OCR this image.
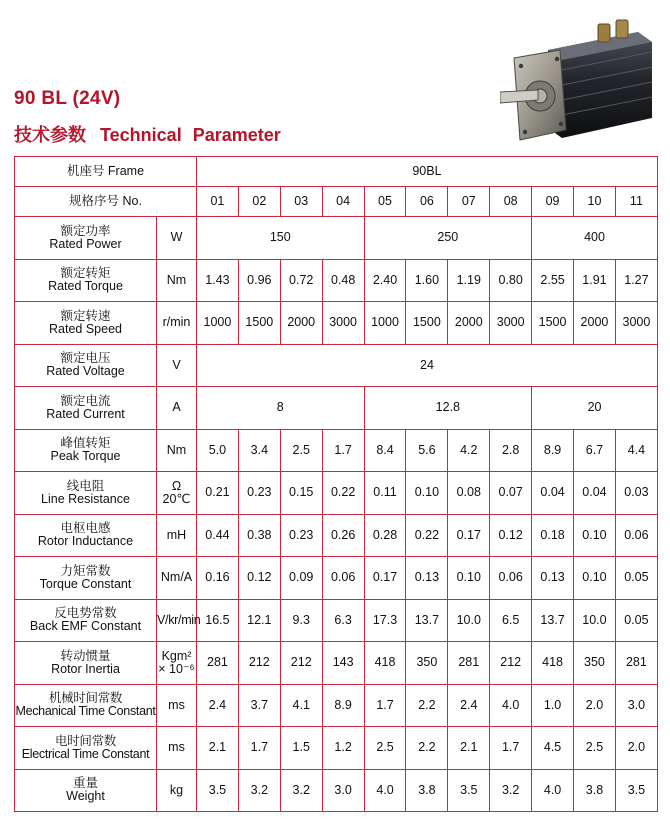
90 BL (24V)
技术参数 Technical Parameter
机座号 Frame		90BL										
规格序号 No.		01	02	03	04	05	06	07	08	09	10	11

额定功率
Rated Power	W	150				250				400		

额定转矩
Rated Torque	Nm	1.43	0.96	0.72	0.48	2.40	1.60	1.19	0.80	2.55	1.91	1.27

额定转速
Rated Speed	r/min	1000	1500	2000	3000	1000	1500	2000	3000	1500	2000	3000

额定电压
Rated Voltage	V	24										

额定电流
Rated Current	A	8				12.8				20		

峰值转矩
Peak Torque	Nm	5.0	3.4	2.5	1.7	8.4	5.6	4.2	2.8	8.9	6.7	4.4

线电阻
Line Resistance	Ω
20℃	0.21	0.23	0.15	0.22	0.11	0.10	0.08	0.07	0.04	0.04	0.03

电枢电感
Rotor Inductance	mH	0.44	0.38	0.23	0.26	0.28	0.22	0.17	0.12	0.18	0.10	0.06

力矩常数
Torque Constant	Nm/A	0.16	0.12	0.09	0.06	0.17	0.13	0.10	0.06	0.13	0.10	0.05

反电势常数
Back EMF Constant	V/kr/min	16.5	12.1	9.3	6.3	17.3	13.7	10.0	6.5	13.7	10.0	0.05

转动惯量
Rotor Inertia	Kgm²
× 10⁻⁶	281	212	212	143	418	350	281	212	418	350	281

机械时间常数
Mechanical Time Constant	ms	2.4	3.7	4.1	8.9	1.7	2.2	2.4	4.0	1.0	2.0	3.0

电时间常数
Electrical Time Constant	ms	2.1	1.7	1.5	1.2	2.5	2.2	2.1	1.7	4.5	2.5	2.0

重量
Weight	kg	3.5	3.2	3.2	3.0	4.0	3.8	3.5	3.2	4.0	3.8	3.5
